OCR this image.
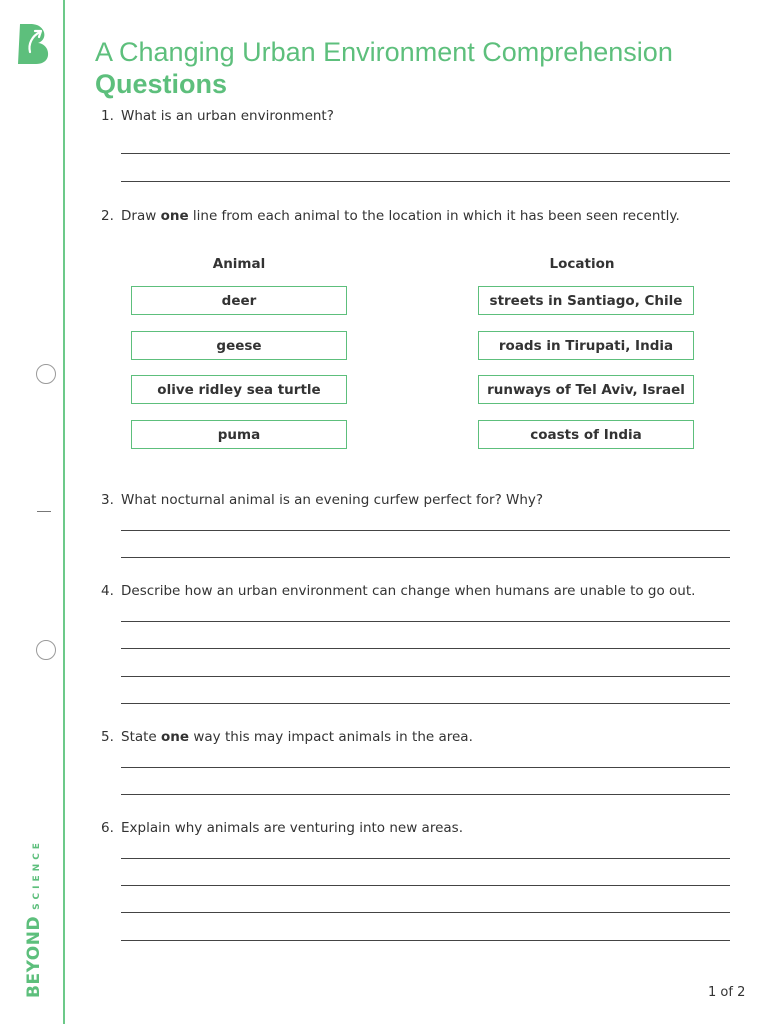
BEYONDSCIENCE
A Changing Urban Environment Comprehension
Questions
1. What is an urban environment?
2. Draw one line from each animal to the location in which it has been seen recently.
Animal	Location
deer
geese
olive ridley sea turtle
puma
streets in Santiago, Chile
roads in Tirupati, India
runways of Tel Aviv, Israel
coasts of India
3. What nocturnal animal is an evening curfew perfect for? Why?
4. Describe how an urban environment can change when humans are unable to go out.
5. State one way this may impact animals in the area.
6. Explain why animals are venturing into new areas.
1 of 2
